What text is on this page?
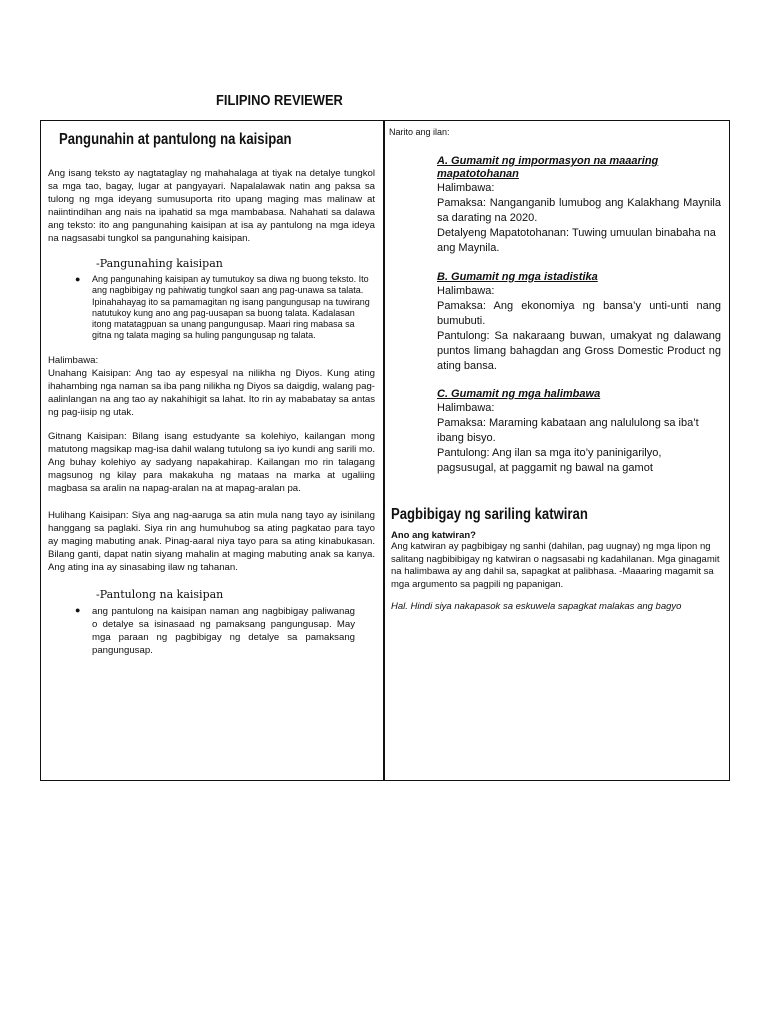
FILIPINO REVIEWER
Pangunahin at pantulong na kaisipan
Ang isang teksto ay nagtataglay ng mahahalaga at tiyak na detalye tungkol sa mga tao, bagay, lugar at pangyayari. Napalalawak natin ang paksa sa tulong ng mga ideyang sumusuporta rito upang maging mas malinaw at naiintindihan ang nais na ipahatid sa mga mambabasa. Nahahati sa dalawa ang teksto: ito ang pangunahing kaisipan at isa ay pantulong na mga ideya na nagsasabi tungkol sa pangunahing kaisipan.
-Pangunahing kaisipan
●	Ang pangunahing kaisipan ay tumutukoy sa diwa ng buong teksto. Ito ang nagbibigay ng pahiwatig tungkol saan ang pag-unawa sa talata. Ipinahahayag ito sa pamamagitan ng isang pangungusap na tuwirang natutukoy kung ano ang pag-uusapan sa buong talata. Kadalasan itong matatagpuan sa unang pangungusap. Maari ring mabasa sa gitna ng talata maging sa huling pangungusap ng talata.
Halimbawa:
Unahang Kaisipan: Ang tao ay espesyal na nilikha ng Diyos. Kung ating ihahambing nga naman sa iba pang nilikha ng Diyos sa daigdig, walang pag-aalinlangan na ang tao ay nakahihigit sa lahat. Ito rin ay mababatay sa antas ng pag-iisip ng utak.
Gitnang Kaisipan: Bilang isang estudyante sa kolehiyo, kailangan mong matutong magsikap mag-isa dahil walang tutulong sa iyo kundi ang sarili mo. Ang buhay kolehiyo ay sadyang napakahirap. Kailangan mo rin talagang magsunog ng kilay para makakuha ng mataas na marka at ugaliing magbasa sa aralin na napag-aralan na at mapag-aralan pa.
Hulihang Kaisipan: Siya ang nag-aaruga sa atin mula nang tayo ay isinilang hanggang sa paglaki. Siya rin ang humuhubog sa ating pagkatao para tayo ay maging mabuting anak. Pinag-aaral niya tayo para sa ating kinabukasan. Bilang ganti, dapat natin siyang mahalin at maging mabuting anak sa kanya. Ang ating ina ay sinasabing ilaw ng tahanan.
-Pantulong na kaisipan
●	ang pantulong na kaisipan naman ang nagbibigay paliwanag o detalye sa isinasaad ng pamaksang pangungusap. May mga paraan ng pagbibigay ng detalye sa pamaksang pangungusap.
Narito ang ilan:
A. Gumamit ng impormasyon na maaaring mapatotohanan
Halimbawa:
Pamaksa: Nanganganib lumubog ang Kalakhang Maynila sa darating na 2020.
Detalyeng Mapatotohanan: Tuwing umuulan binabaha na ang Maynila.
B. Gumamit ng mga istadistika
Halimbawa:
Pamaksa: Ang ekonomiya ng bansa’y unti-unti nang bumubuti.
Pantulong: Sa nakaraang buwan, umakyat ng dalawang puntos limang bahagdan ang Gross Domestic Product ng ating bansa.
C. Gumamit ng mga halimbawa
Halimbawa:
Pamaksa: Maraming kabataan ang nalululong sa iba’t ibang bisyo.
Pantulong: Ang ilan sa mga ito’y paninigarilyo, pagsusugal, at paggamit ng bawal na gamot
Pagbibigay ng sariling katwiran
Ano ang katwiran?
Ang katwiran ay pagbibigay ng sanhi (dahilan, pag uugnay) ng mga lipon ng salitang nagbibibigay ng katwiran o nagsasabi ng kadahilanan. Mga ginagamit na halimbawa ay ang dahil sa, sapagkat at palibhasa. -Maaaring magamit sa mga argumento sa pagpili ng papanigan.
Hal. Hindi siya nakapasok sa eskuwela sapagkat malakas ang bagyo
